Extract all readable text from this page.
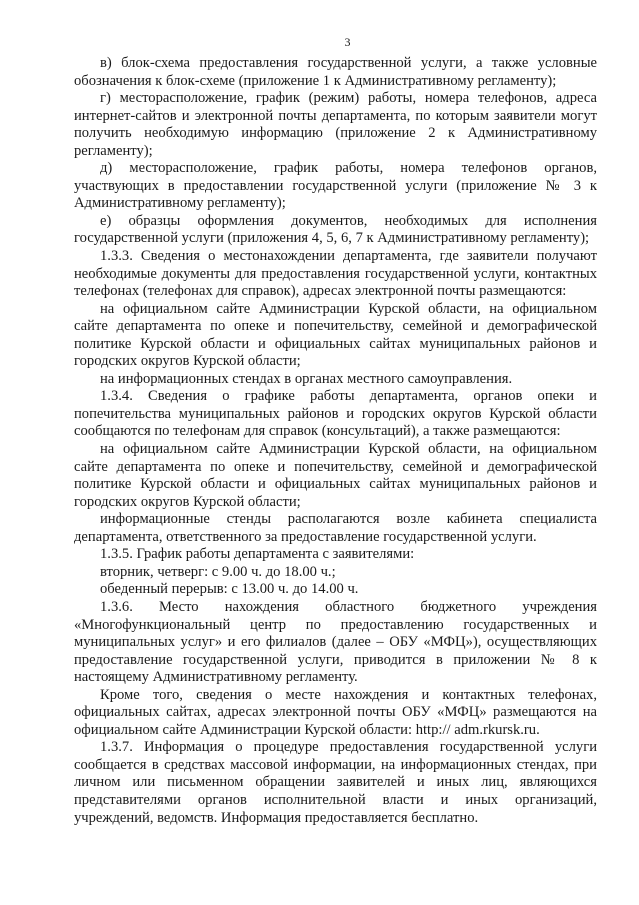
3

в) блок-схема предоставления государственной услуги, а также условные обозначения к блок-схеме (приложение 1 к Административному регламенту);

г) месторасположение, график (режим) работы, номера телефонов, адреса интернет-сайтов и электронной почты департамента, по которым заявители могут получить необходимую информацию (приложение 2 к Административному регламенту);

д) месторасположение, график работы, номера телефонов органов, участвующих в предоставлении государственной услуги (приложение № 3 к Административному регламенту);

е) образцы оформления документов, необходимых для исполнения государственной услуги (приложения 4, 5, 6, 7 к Административному регламенту);

1.3.3. Сведения о местонахождении департамента, где заявители получают необходимые документы для предоставления государственной услуги, контактных телефонах (телефонах для справок), адресах электронной почты размещаются:

на официальном сайте Администрации Курской области, на официальном сайте департамента по опеке и попечительству, семейной и демографической политике Курской области и официальных сайтах муниципальных районов и городских округов Курской области;

на информационных стендах в органах местного самоуправления.

1.3.4. Сведения о графике работы департамента, органов опеки и попечительства муниципальных районов и городских округов Курской области сообщаются по телефонам для справок (консультаций), а также размещаются:

на официальном сайте Администрации Курской области, на официальном сайте департамента по опеке и попечительству, семейной и демографической политике Курской области и официальных сайтах муниципальных районов и городских округов Курской области;

информационные стенды располагаются возле кабинета специалиста департамента, ответственного за предоставление государственной услуги.

1.3.5. График работы департамента с заявителями:

вторник, четверг: с 9.00 ч. до 18.00 ч.;

обеденный перерыв: с 13.00 ч. до 14.00 ч.

1.3.6. Место нахождения областного бюджетного учреждения «Многофункциональный центр по предоставлению государственных и муниципальных услуг» и его филиалов (далее – ОБУ «МФЦ»), осуществляющих предоставление государственной услуги, приводится в приложении № 8 к настоящему Административному регламенту.

Кроме того, сведения о месте нахождения и контактных телефонах, официальных сайтах, адресах электронной почты ОБУ «МФЦ» размещаются на официальном сайте Администрации Курской области: http:// adm.rkursk.ru.

1.3.7. Информация о процедуре предоставления государственной услуги сообщается в средствах массовой информации, на информационных стендах, при личном или письменном обращении заявителей и иных лиц, являющихся представителями органов исполнительной власти и иных организаций, учреждений, ведомств. Информация предоставляется бесплатно.
